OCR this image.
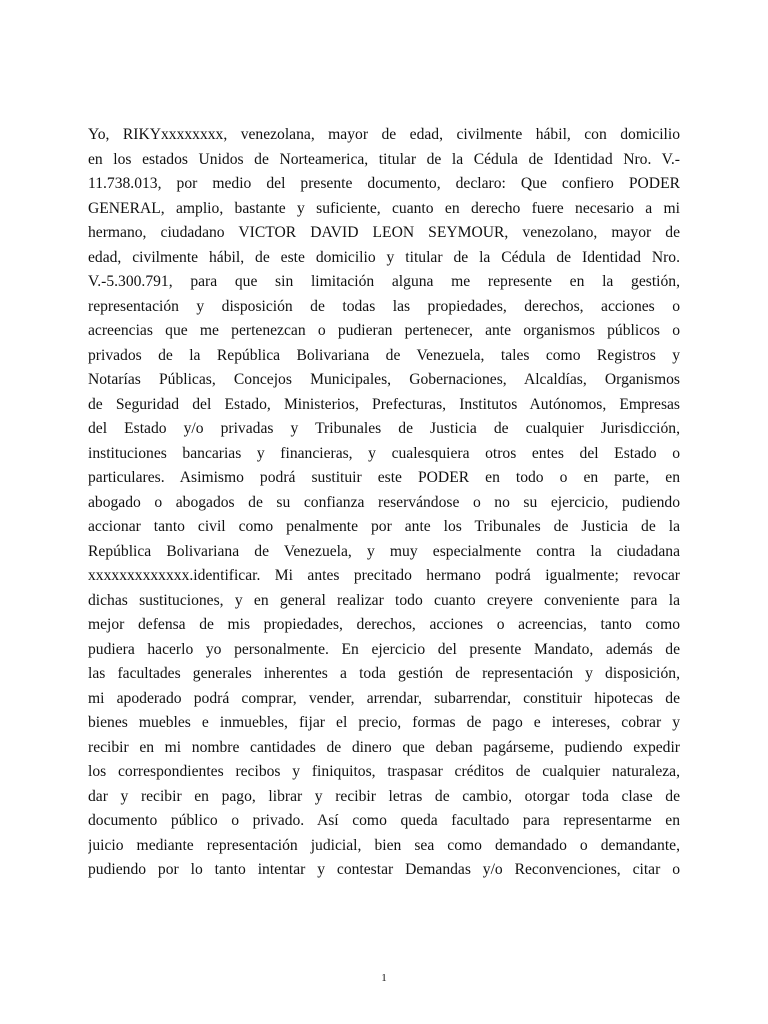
Yo, RIKYxxxxxxxx, venezolana, mayor de edad, civilmente hábil, con domicilio
en los estados Unidos de Norteamerica, titular de la Cédula de Identidad Nro. V.-
11.738.013, por medio del presente documento, declaro: Que confiero PODER
GENERAL, amplio, bastante y suficiente, cuanto en derecho fuere necesario a mi
hermano, ciudadano VICTOR DAVID LEON SEYMOUR, venezolano, mayor de
edad, civilmente hábil, de este domicilio y titular de la Cédula de Identidad Nro.
V.-5.300.791, para que sin limitación alguna me represente en la gestión,
representación y disposición de todas las propiedades, derechos, acciones o
acreencias que me pertenezcan o pudieran pertenecer, ante organismos públicos o
privados de la República Bolivariana de Venezuela, tales como Registros y
Notarías Públicas, Concejos Municipales, Gobernaciones, Alcaldías, Organismos
de Seguridad del Estado, Ministerios, Prefecturas, Institutos Autónomos, Empresas
del Estado y/o privadas y Tribunales de Justicia de cualquier Jurisdicción,
instituciones bancarias y financieras, y cualesquiera otros entes del Estado o
particulares. Asimismo podrá sustituir este PODER en todo o en parte, en
abogado o abogados de su confianza reservándose o no su ejercicio, pudiendo
accionar tanto civil como penalmente por ante los Tribunales de Justicia de la
República Bolivariana de Venezuela, y muy especialmente contra la ciudadana
xxxxxxxxxxxxx.identificar. Mi antes precitado hermano podrá igualmente; revocar
dichas sustituciones, y en general realizar todo cuanto creyere conveniente para la
mejor defensa de mis propiedades, derechos, acciones o acreencias, tanto como
pudiera hacerlo yo personalmente. En ejercicio del presente Mandato, además de
las facultades generales inherentes a toda gestión de representación y disposición,
mi apoderado podrá comprar, vender, arrendar, subarrendar, constituir hipotecas de
bienes muebles e inmuebles, fijar el precio, formas de pago e intereses, cobrar y
recibir en mi nombre cantidades de dinero que deban pagárseme, pudiendo expedir
los correspondientes recibos y finiquitos, traspasar créditos de cualquier naturaleza,
dar y recibir en pago, librar y recibir letras de cambio, otorgar toda clase de
documento público o privado. Así como queda facultado para representarme en
juicio mediante representación judicial, bien sea como demandado o demandante,
pudiendo por lo tanto intentar y contestar Demandas y/o Reconvenciones, citar o
1
